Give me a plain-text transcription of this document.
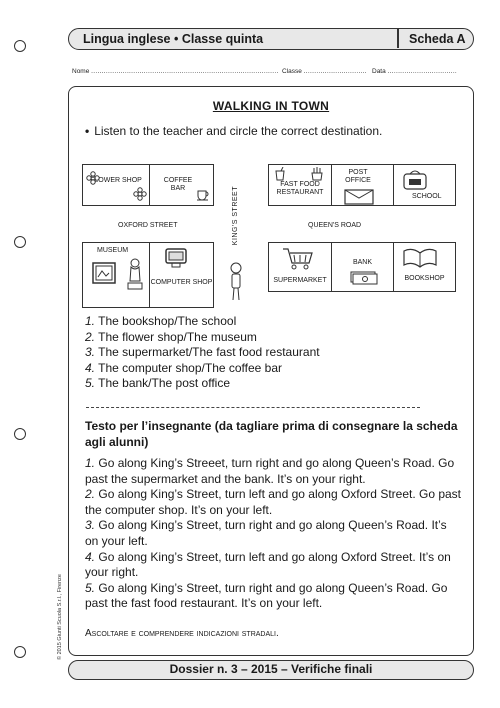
Lingua inglese • Classe quinta	Scheda A
Nome ......................................................................................... Classe .............................. Data .................................
WALKING IN TOWN
• Listen to the teacher and circle the correct destination.
FLOWER SHOP	COFFEE BAR
OXFORD STREET
MUSEUM
COMPUTER SHOP
KING'S STREET
FAST FOOD RESTAURANT
POST OFFICE
SCHOOL
QUEEN'S ROAD
SUPERMARKET
BANK
BOOKSHOP
1. The bookshop/The school
2. The flower shop/The museum
3. The supermarket/The fast food restaurant
4. The computer shop/The coffee bar
5. The bank/The post office
Testo per l’insegnante (da tagliare prima di consegnare la scheda agli alunni)

1. Go along King’s Streeet, turn right and go along Queen’s Road. Go past the supermarket and the bank. It’s on your right.

2. Go along King’s Street, turn left and go along Oxford Street. Go past the computer shop. It’s on your left.

3. Go along King’s Street, turn right and go along Queen’s Road. It’s on your left.

4. Go along King’s Street, turn left and go along Oxford Street. It’s on your right.

5. Go along King’s Street, turn right and go along Queen’s Road. Go past the fast food restaurant. It’s on your left.

Ascoltare e comprendere indicazioni stradali.
© 2015 Giunti Scuola S.r.l., Firenze
Dossier n. 3 – 2015 – Verifiche finali
